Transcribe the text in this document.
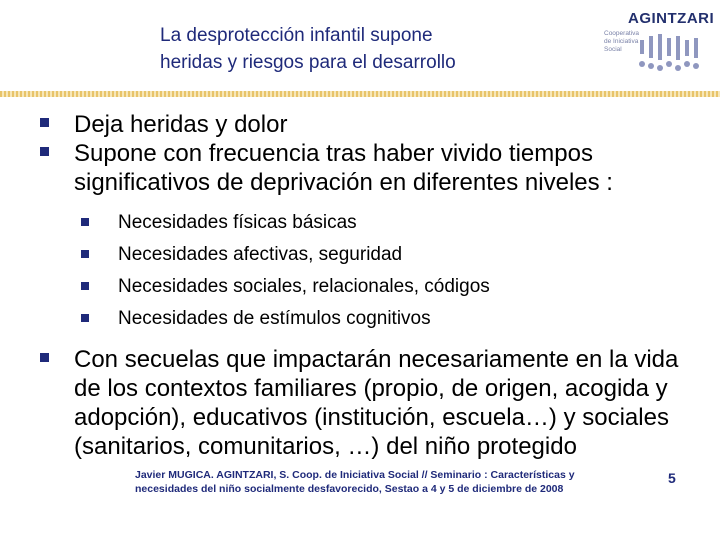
La desprotección infantil supone
heridas y riesgos para el desarrollo
AGINTZARI
Cooperativa de Iniciativa Social
Deja heridas y dolor
Supone con frecuencia tras haber vivido tiempos significativos de deprivación en diferentes niveles :
Necesidades físicas básicas
Necesidades afectivas, seguridad
Necesidades sociales, relacionales, códigos
Necesidades de estímulos cognitivos
Con secuelas que impactarán necesariamente en la vida de los contextos familiares (propio, de origen, acogida y adopción), educativos (institución, escuela…) y sociales (sanitarios, comunitarios, …) del niño protegido
Javier MUGICA. AGINTZARI, S. Coop. de Iniciativa Social // Seminario : Características y necesidades del niño socialmente desfavorecido, Sestao a 4 y 5 de diciembre de 2008
5
